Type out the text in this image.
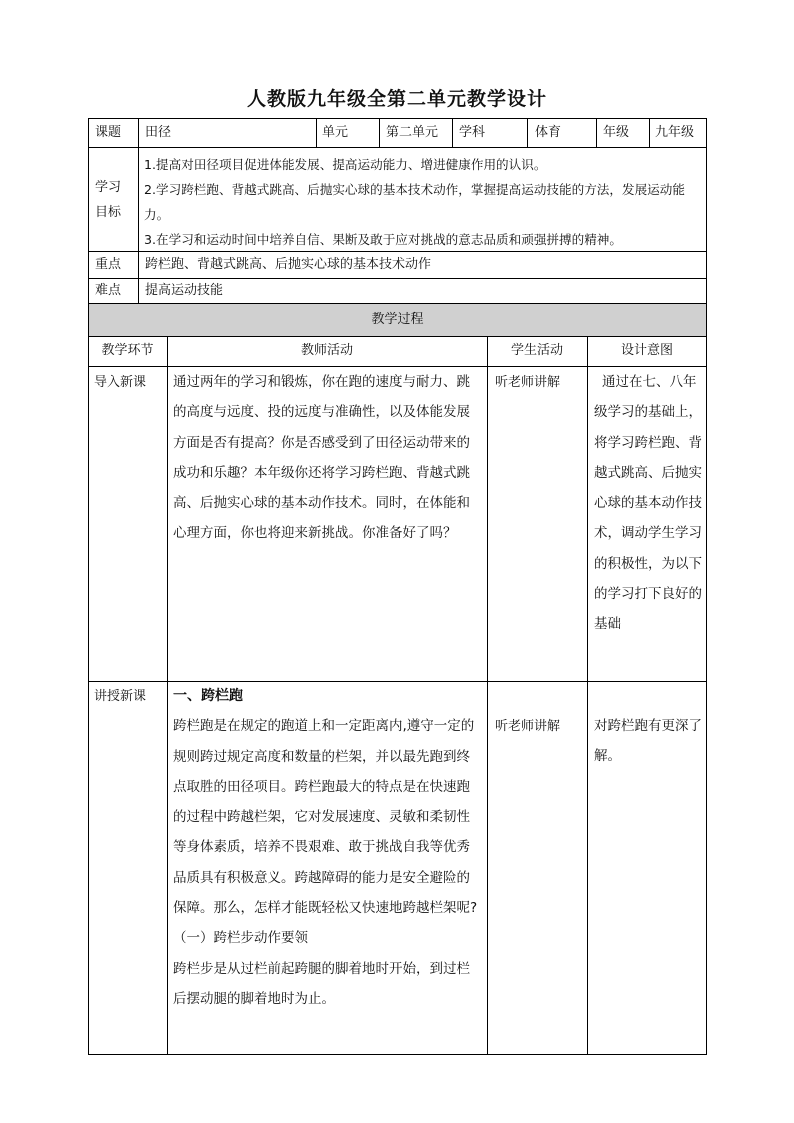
人教版九年级全第二单元教学设计
课题 田径	单元	第二单元 学科	体育	年级 九年级
学习
目标

1.提高对田径项目促进体能发展、提高运动能力、增进健康作用的认识。

2.学习跨栏跑、背越式跳高、后抛实心球的基本技术动作，掌握提高运动技能的方法，发展运动能力。

3.在学习和运动时间中培养自信、果断及敢于应对挑战的意志品质和顽强拼搏的精神。

重点 跨栏跑、背越式跳高、后抛实心球的基本技术动作
难点 提高运动技能
教学过程
教学环节	教师活动	学生活动	设计意图
导入新课 通过两年的学习和锻炼，你在跑的速度与耐力、跳的高度与远度、投的远度与准确性，以及体能发展方面是否有提高？你是否感受到了田径运动带来的成功和乐趣？本年级你还将学习跨栏跑、背越式跳高、后抛实心球的基本动作技术。同时，在体能和心理方面，你也将迎来新挑战。你准备好了吗？

听老师讲解	通过在七、八年级学习的基础上，将学习跨栏跑、背越式跳高、后抛实心球的基本动作技术，调动学生学习的积极性，为以下的学习打下良好的基础

讲授新课 一、跨栏跑

跨栏跑是在规定的跑道上和一定距离内,遵守一定的规则跨过规定高度和数量的栏架，并以最先跑到终点取胜的田径项目。跨栏跑最大的特点是在快速跑的过程中跨越栏架，它对发展速度、灵敏和柔韧性等身体素质，培养不畏艰难、敢于挑战自我等优秀品质具有积极意义。跨越障碍的能力是安全避险的保障。那么，怎样才能既轻松又快速地跨越栏架呢?

（一）跨栏步动作要领

跨栏步是从过栏前起跨腿的脚着地时开始，到过栏后摆动腿的脚着地时为止。

听老师讲解	对跨栏跑有更深了解。
